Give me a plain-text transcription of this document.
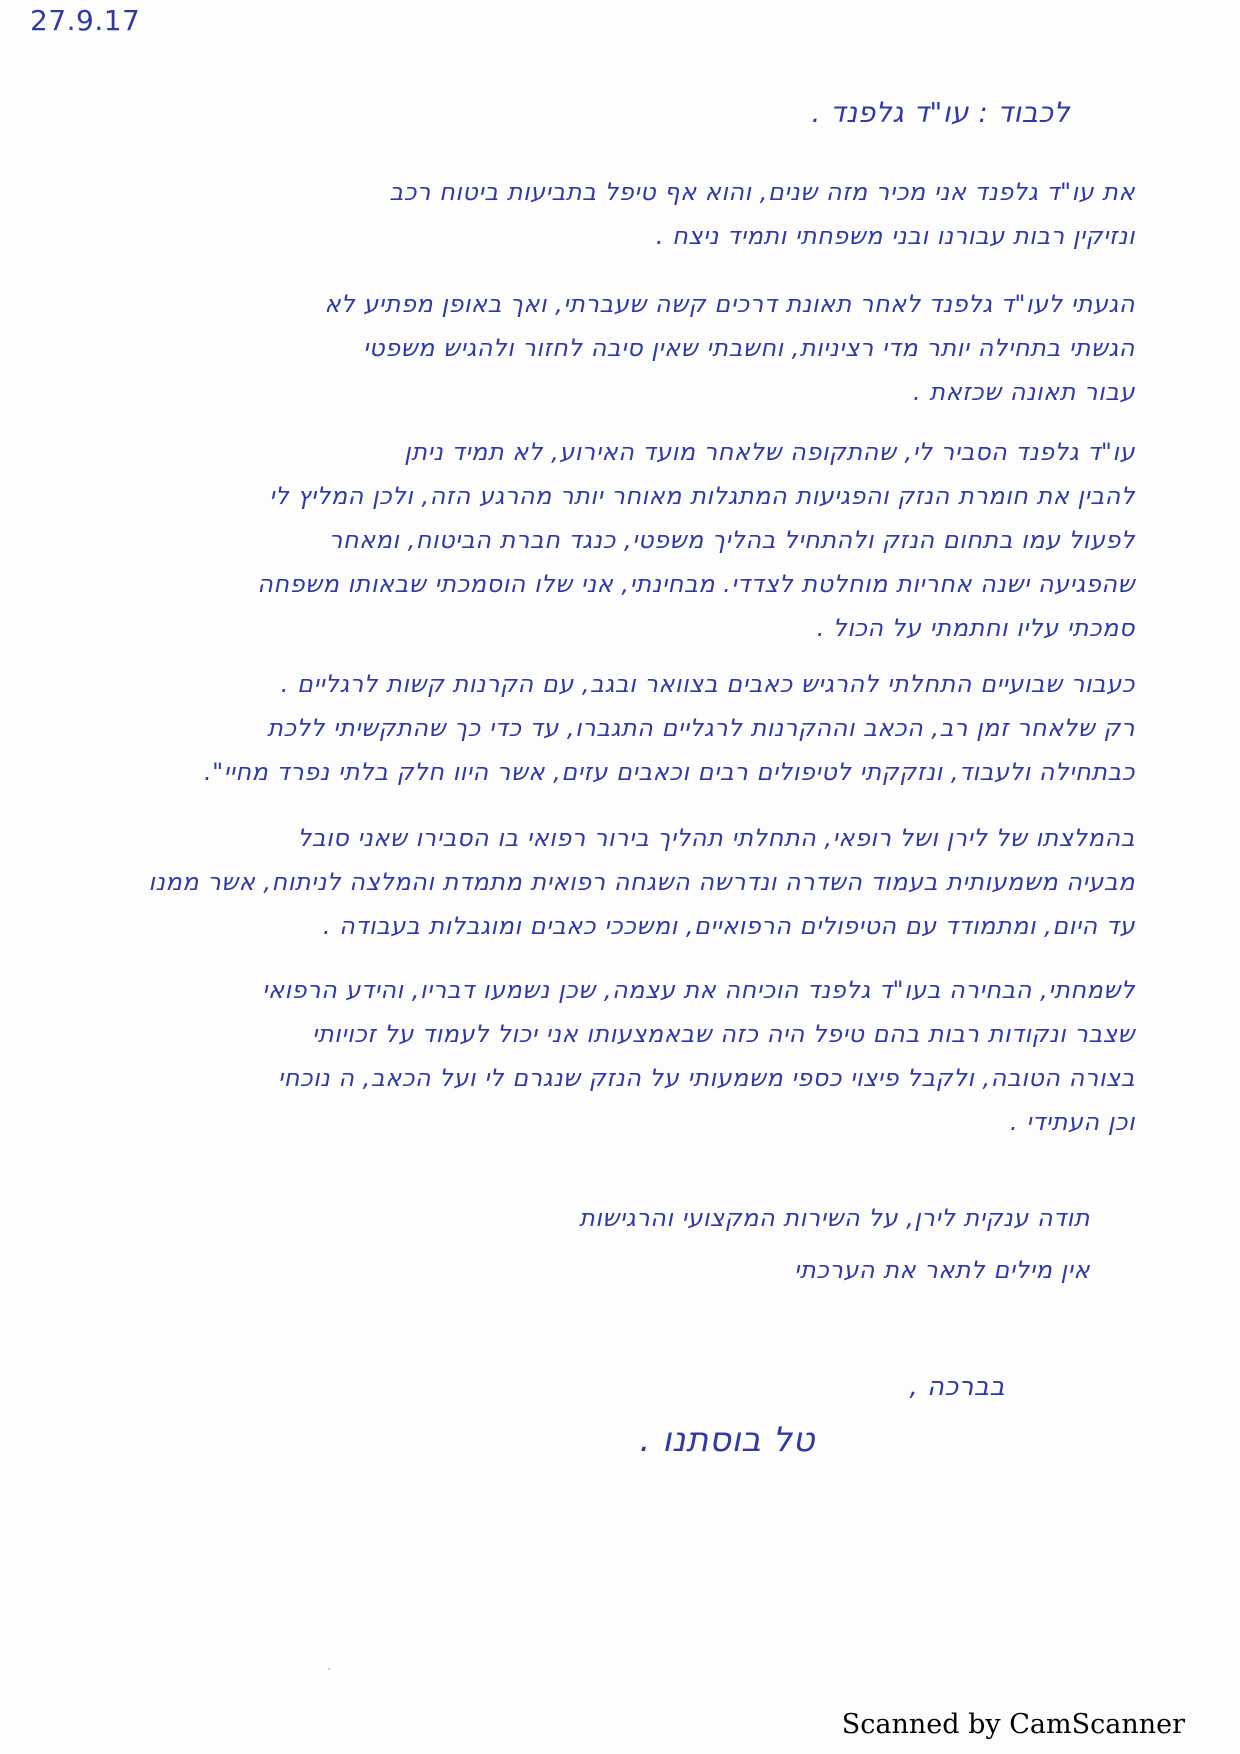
27.9.17
לכבוד : עו"ד גלפנד .
את עו"ד גלפנד אני מכיר מזה שנים, והוא אף טיפל בתביעות ביטוח רכב
ונזיקין רבות עבורנו ובני משפחתי ותמיד ניצח .
הגעתי לעו"ד גלפנד לאחר תאונת דרכים קשה שעברתי, ואך באופן מפתיע לא
הגשתי בתחילה יותר מדי רציניות, וחשבתי שאין סיבה לחזור ולהגיש משפטי
עבור תאונה שכזאת .
עו"ד גלפנד הסביר לי, שהתקופה שלאחר מועד האירוע, לא תמיד ניתן
להבין את חומרת הנזק והפגיעות המתגלות מאוחר יותר מהרגע הזה, ולכן המליץ לי
לפעול עמו בתחום הנזק ולהתחיל בהליך משפטי, כנגד חברת הביטוח, ומאחר
שהפגיעה ישנה אחריות מוחלטת לצדדי. מבחינתי, אני שלו הוסמכתי שבאותו משפחה
סמכתי עליו וחתמתי על הכול .
כעבור שבועיים התחלתי להרגיש כאבים בצוואר ובגב, עם הקרנות קשות לרגליים .
רק שלאחר זמן רב, הכאב וההקרנות לרגליים התגברו, עד כדי כך שהתקשיתי ללכת
כבתחילה ולעבוד, ונזקקתי לטיפולים רבים וכאבים עזים, אשר היוו חלק בלתי נפרד מחיי".
בהמלצתו של לירן ושל רופאי, התחלתי תהליך בירור רפואי בו הסבירו שאני סובל
מבעיה משמעותית בעמוד השדרה ונדרשה השגחה רפואית מתמדת והמלצה לניתוח, אשר ממנו
עד היום, ומתמודד עם הטיפולים הרפואיים, ומשככי כאבים ומוגבלות בעבודה .
לשמחתי, הבחירה בעו"ד גלפנד הוכיחה את עצמה, שכן נשמעו דבריו, והידע הרפואי
שצבר ונקודות רבות בהם טיפל היה כזה שבאמצעותו אני יכול לעמוד על זכויותי
בצורה הטובה, ולקבל פיצוי כספי משמעותי על הנזק שנגרם לי ועל הכאב, ה נוכחי
וכן העתידי .
תודה ענקית לירן, על השירות המקצועי והרגישות
אין מילים לתאר את הערכתי
בברכה ,
טל בוסתנו .
Scanned by CamScanner
